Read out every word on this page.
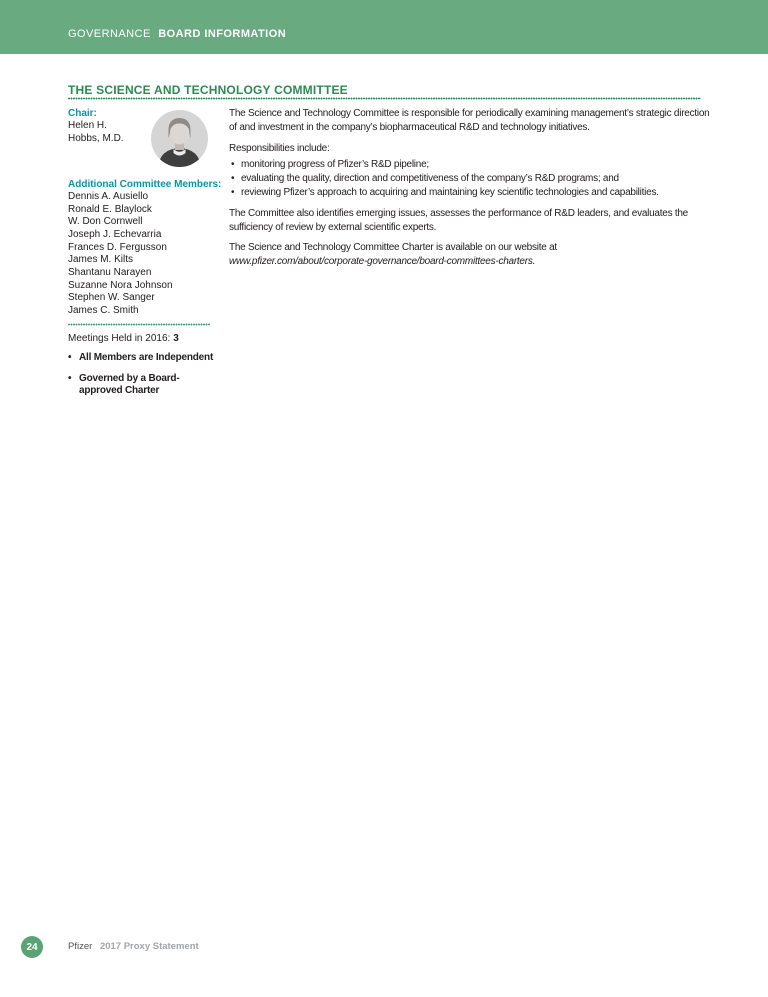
GOVERNANCE BOARD INFORMATION
THE SCIENCE AND TECHNOLOGY COMMITTEE
Chair:
Helen H.
Hobbs, M.D.
Additional Committee Members:
Dennis A. Ausiello
Ronald E. Blaylock
W. Don Cornwell
Joseph J. Echevarria
Frances D. Fergusson
James M. Kilts
Shantanu Narayen
Suzanne Nora Johnson
Stephen W. Sanger
James C. Smith
Meetings Held in 2016: 3
• All Members are Independent
• Governed by a Board-approved Charter

The Science and Technology Committee is responsible for periodically examining management’s strategic direction of and investment in the company’s biopharmaceutical R&D and technology initiatives.

Responsibilities include:

• monitoring progress of Pfizer’s R&D pipeline;
• evaluating the quality, direction and competitiveness of the company’s R&D programs; and
• reviewing Pfizer’s approach to acquiring and maintaining key scientific technologies and capabilities.

The Committee also identifies emerging issues, assesses the performance of R&D leaders, and evaluates the sufficiency of review by external scientific experts.

The Science and Technology Committee Charter is available on our website at www.pfizer.com/about/corporate-governance/board-committees-charters.

24	Pfizer 2017 Proxy Statement
